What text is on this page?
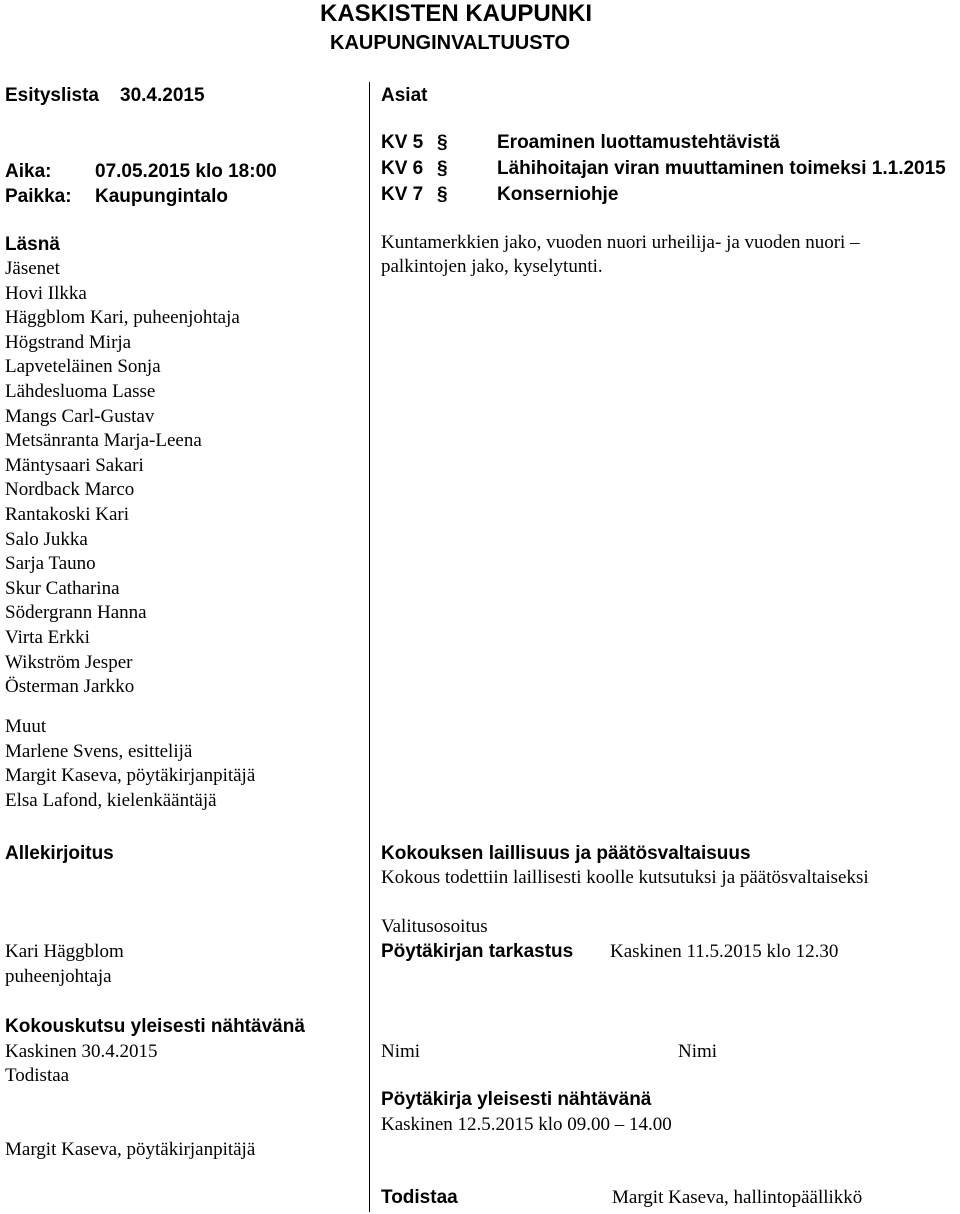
KASKISTEN KAUPUNKI
KAUPUNGINVALTUUSTO
Esityslista 30.4.2015
Aika: 07.05.2015 klo 18:00
Paikka: Kaupungintalo
Läsnä
Jäsenet
Hovi Ilkka
Häggblom Kari, puheenjohtaja
Högstrand Mirja
Lapveteläinen Sonja
Lähdesluoma Lasse
Mangs Carl-Gustav
Metsänranta Marja-Leena
Mäntysaari Sakari
Nordback Marco
Rantakoski Kari
Salo Jukka
Sarja Tauno
Skur Catharina
Södergrann Hanna
Virta Erkki
Wikström Jesper
Österman Jarkko
Muut
Marlene Svens, esittelijä
Margit Kaseva, pöytäkirjanpitäjä
Elsa Lafond, kielenkääntäjä
Allekirjoitus
Kari Häggblom
puheenjohtaja
Kokouskutsu yleisesti nähtävänä
Kaskinen 30.4.2015
Todistaa
Margit Kaseva, pöytäkirjanpitäjä
Asiat
KV 5 §	Eroaminen luottamustehtävistä
KV 6 §	Lähihoitajan viran muuttaminen toimeksi 1.1.2015
KV 7 §	Konserniohje
Kuntamerkkien jako, vuoden nuori urheilija- ja vuoden nuori –
palkintojen jako, kyselytunti.
Kokouksen laillisuus ja päätösvaltaisuus
Kokous todettiin laillisesti koolle kutsutuksi ja päätösvaltaiseksi
Valitusosoitus
Pöytäkirjan tarkastus Kaskinen 11.5.2015 klo 12.30
Nimi	Nimi
Pöytäkirja yleisesti nähtävänä
Kaskinen 12.5.2015 klo 09.00 – 14.00
Todistaa	Margit Kaseva, hallintopäällikkö
